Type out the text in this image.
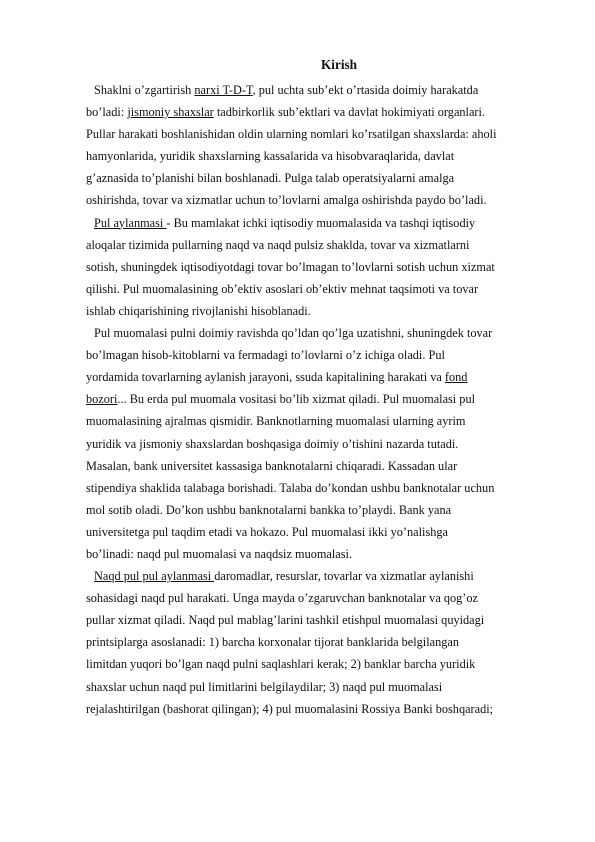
Kirish

Shaklni o’zgartirish narxi T-D-T, pul uchta sub’ekt o’rtasida doimiy harakatda
bo’ladi: jismoniy shaxslar tadbirkorlik sub’ektlari va davlat hokimiyati organlari.
Pullar harakati boshlanishidan oldin ularning nomlari ko’rsatilgan shaxslarda: aholi
hamyonlarida, yuridik shaxslarning kassalarida va hisobvaraqlarida, davlat
g’aznasida to’planishi bilan boshlanadi. Pulga talab operatsiyalarni amalga
oshirishda, tovar va xizmatlar uchun to’lovlarni amalga oshirishda paydo bo’ladi.

Pul aylanmasi - Bu mamlakat ichki iqtisodiy muomalasida va tashqi iqtisodiy
aloqalar tizimida pullarning naqd va naqd pulsiz shaklda, tovar va xizmatlarni
sotish, shuningdek iqtisodiyotdagi tovar bo’lmagan to’lovlarni sotish uchun xizmat
qilishi. Pul muomalasining ob’ektiv asoslari ob’ektiv mehnat taqsimoti va tovar
ishlab chiqarishining rivojlanishi hisoblanadi.

Pul muomalasi pulni doimiy ravishda qo’ldan qo’lga uzatishni, shuningdek tovar
bo’lmagan hisob-kitoblarni va fermadagi to’lovlarni o’z ichiga oladi. Pul
yordamida tovarlarning aylanish jarayoni, ssuda kapitalining harakati va fond
bozori... Bu erda pul muomala vositasi bo’lib xizmat qiladi. Pul muomalasi pul
muomalasining ajralmas qismidir. Banknotlarning muomalasi ularning ayrim
yuridik va jismoniy shaxslardan boshqasiga doimiy o’tishini nazarda tutadi.
Masalan, bank universitet kassasiga banknotalarni chiqaradi. Kassadan ular
stipendiya shaklida talabaga borishadi. Talaba do’kondan ushbu banknotalar uchun
mol sotib oladi. Do’kon ushbu banknotalarni bankka to’playdi. Bank yana
universitetga pul taqdim etadi va hokazo. Pul muomalasi ikki yo’nalishga
bo’linadi: naqd pul muomalasi va naqdsiz muomalasi.

Naqd pul pul aylanmasi daromadlar, resurslar, tovarlar va xizmatlar aylanishi
sohasidagi naqd pul harakati. Unga mayda o’zgaruvchan banknotalar va qog’oz
pullar xizmat qiladi. Naqd pul mablag’larini tashkil etishpul muomalasi quyidagi
printsiplarga asoslanadi: 1) barcha korxonalar tijorat banklarida belgilangan
limitdan yuqori bo’lgan naqd pulni saqlashlari kerak; 2) banklar barcha yuridik
shaxslar uchun naqd pul limitlarini belgilaydilar; 3) naqd pul muomalasi
rejalashtirilgan (bashorat qilingan); 4) pul muomalasini Rossiya Banki boshqaradi;
